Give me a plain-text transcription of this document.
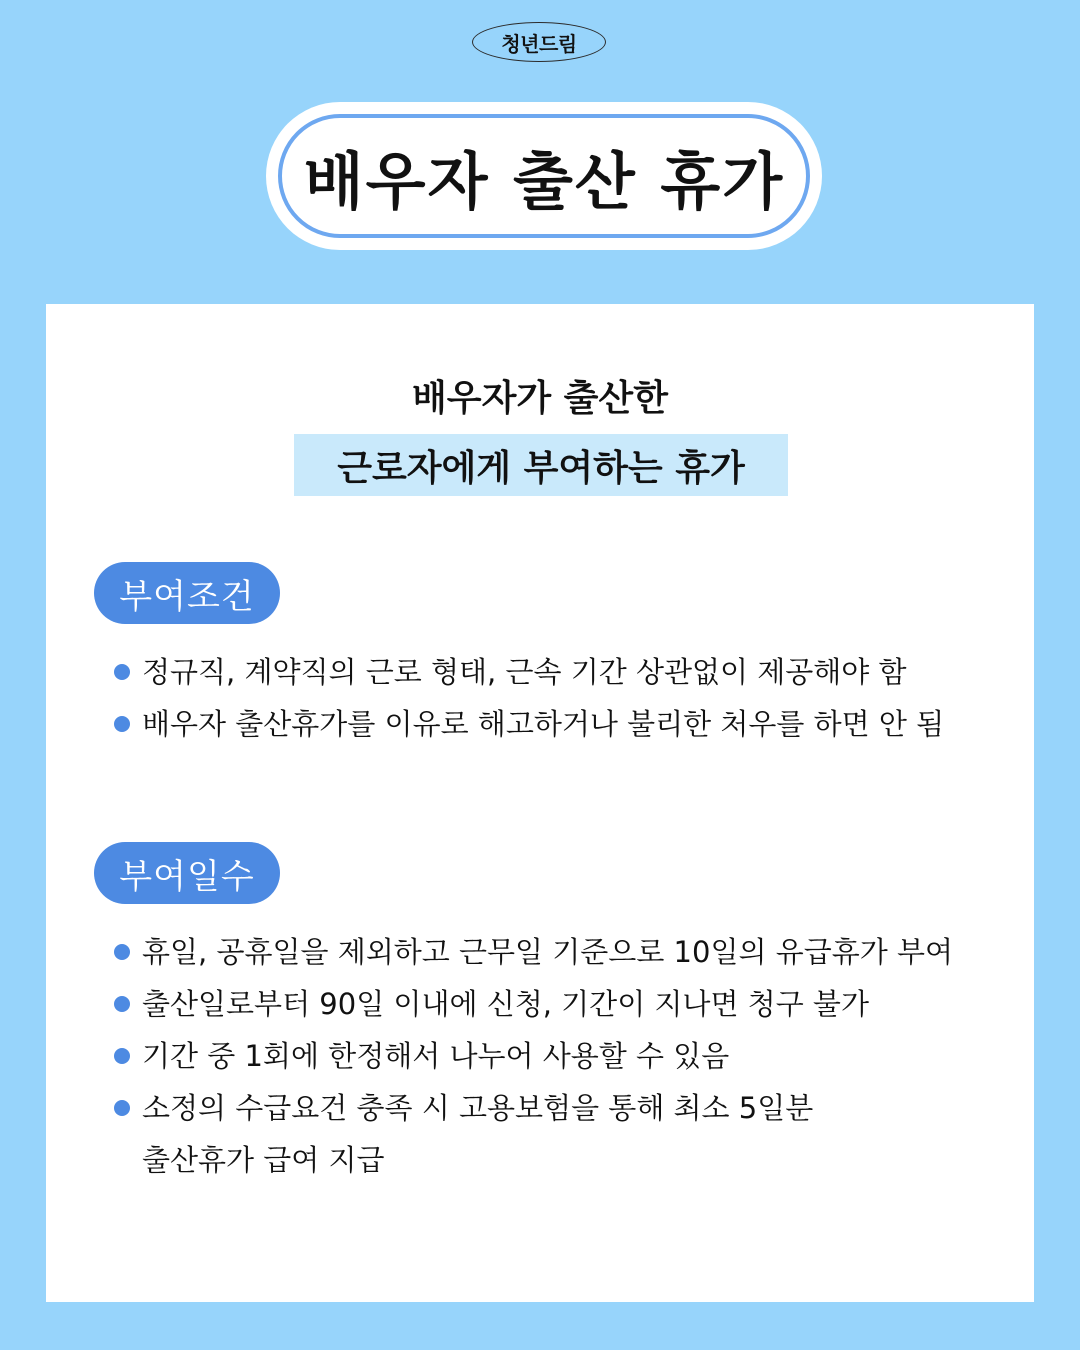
청년드림
배우자 출산 휴가
배우자가 출산한
근로자에게 부여하는 휴가
부여조건
정규직, 계약직의 근로 형태, 근속 기간 상관없이 제공해야 함
배우자 출산휴가를 이유로 해고하거나 불리한 처우를 하면 안 됨
부여일수
휴일, 공휴일을 제외하고 근무일 기준으로 10일의 유급휴가 부여
출산일로부터 90일 이내에 신청, 기간이 지나면 청구 불가
기간 중 1회에 한정해서 나누어 사용할 수 있음
소정의 수급요건 충족 시 고용보험을 통해 최소 5일분
출산휴가 급여 지급
